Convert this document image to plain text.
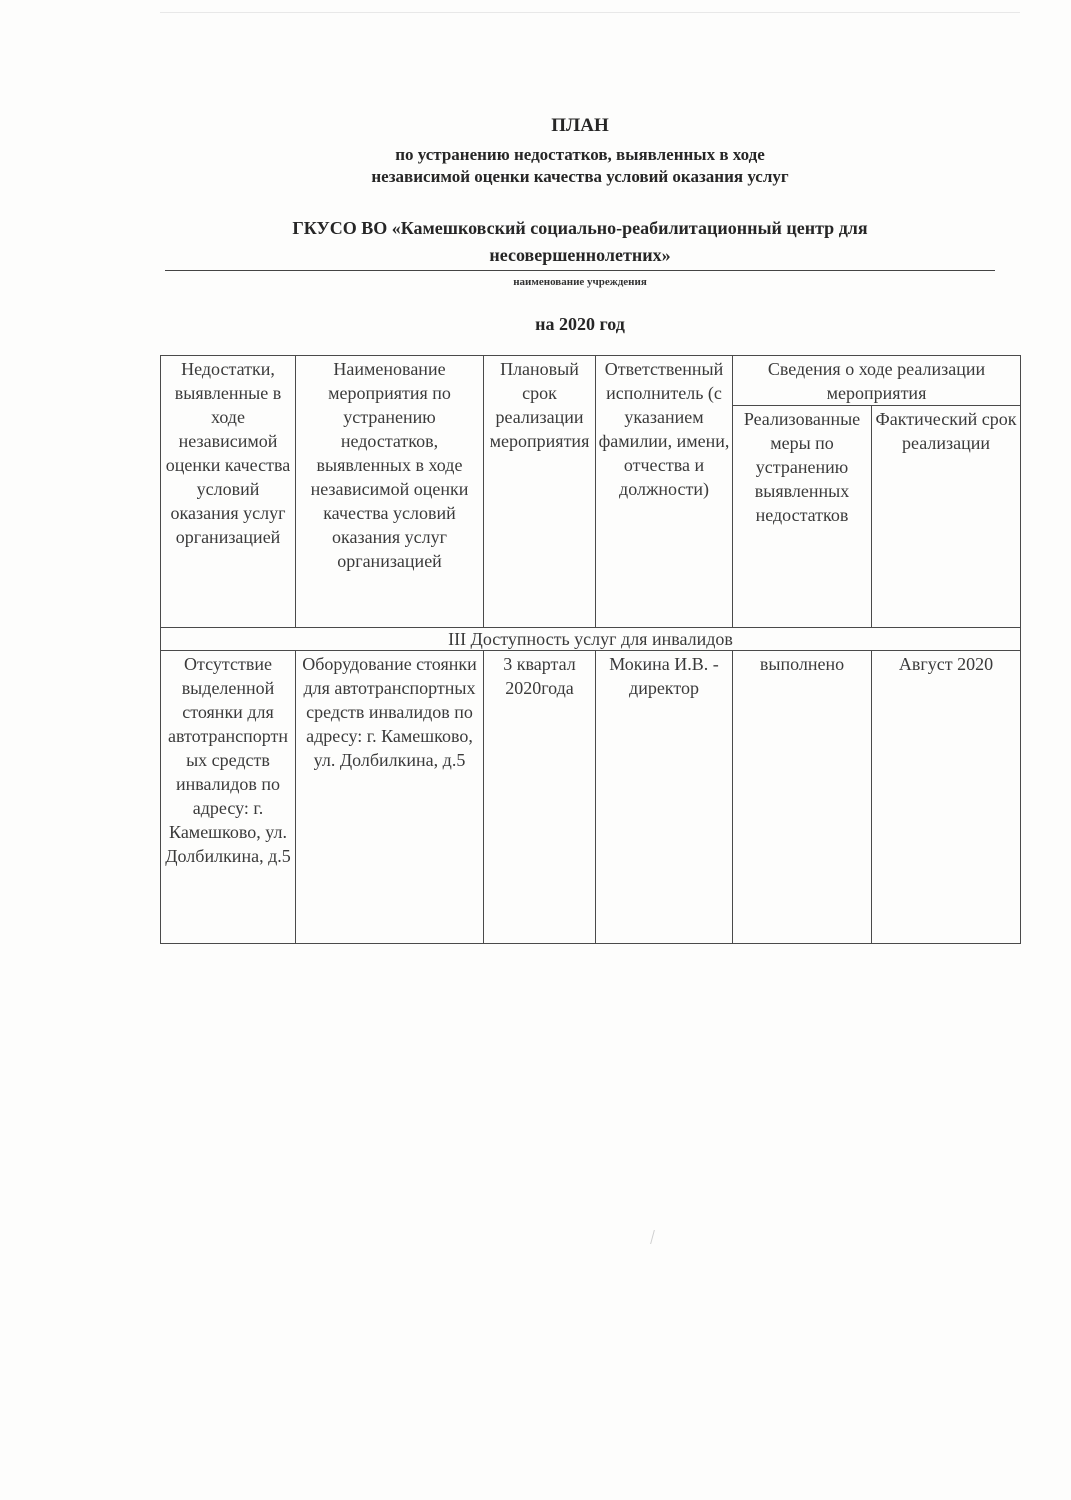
ПЛАН
по устранению недостатков, выявленных в ходе
независимой оценки качества условий оказания услуг
ГКУСО ВО «Камешковский социально-реабилитационный центр для
несовершеннолетних»
наименование учреждения
на 2020 год
Недостатки, выявленные в ходе независимой оценки качества условий оказания услуг организацией	Наименование мероприятия по устранению недостатков, выявленных в ходе независимой оценки качества условий оказания услуг организацией	Плановый срок реализации мероприятия	Ответственный исполнитель (с указанием фамилии, имени, отчества и должности)	Сведения о ходе реализации мероприятия	
				Реализованные меры по устранению выявленных недостатков	Фактический срок реализации
III Доступность услуг для инвалидов					
Отсутствие выделенной стоянки для автотранспортных средств инвалидов по адресу: г. Камешково, ул. Долбилкина, д.5	Оборудование стоянки для автотранспортных средств инвалидов по адресу: г. Камешково, ул. Долбилкина, д.5	3 квартал 2020года	Мокина И.В. - директор	выполнено	Август 2020
